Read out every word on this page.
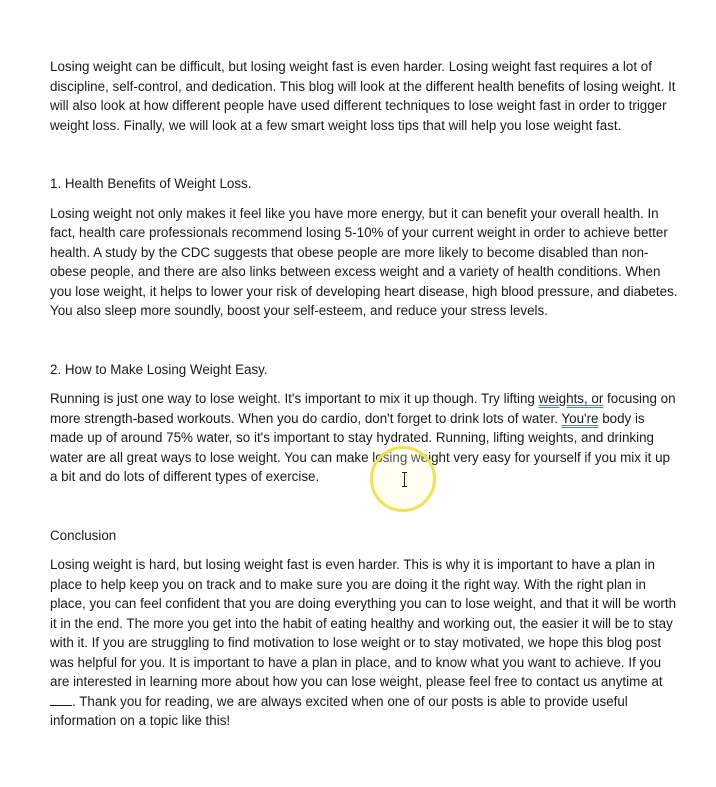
Losing weight can be difficult, but losing weight fast is even harder. Losing weight fast requires a lot of discipline, self-control, and dedication. This blog will look at the different health benefits of losing weight. It will also look at how different people have used different techniques to lose weight fast in order to trigger weight loss. Finally, we will look at a few smart weight loss tips that will help you lose weight fast.

1. Health Benefits of Weight Loss.

Losing weight not only makes it feel like you have more energy, but it can benefit your overall health. In fact, health care professionals recommend losing 5-10% of your current weight in order to achieve better health. A study by the CDC suggests that obese people are more likely to become disabled than non-obese people, and there are also links between excess weight and a variety of health conditions. When you lose weight, it helps to lower your risk of developing heart disease, high blood pressure, and diabetes. You also sleep more soundly, boost your self-esteem, and reduce your stress levels.

2. How to Make Losing Weight Easy.

Running is just one way to lose weight. It's important to mix it up though. Try lifting weights, or focusing on more strength-based workouts. When you do cardio, don't forget to drink lots of water. You're body is made up of around 75% water, so it's important to stay hydrated. Running, lifting weights, and drinking water are all great ways to lose weight. You can make losing weight very easy for yourself if you mix it up a bit and do lots of different types of exercise.

Conclusion

Losing weight is hard, but losing weight fast is even harder. This is why it is important to have a plan in place to help keep you on track and to make sure you are doing it the right way. With the right plan in place, you can feel confident that you are doing everything you can to lose weight, and that it will be worth it in the end. The more you get into the habit of eating healthy and working out, the easier it will be to stay with it. If you are struggling to find motivation to lose weight or to stay motivated, we hope this blog post was helpful for you. It is important to have a plan in place, and to know what you want to achieve. If you are interested in learning more about how you can lose weight, please feel free to contact us anytime at . Thank you for reading, we are always excited when one of our posts is able to provide useful information on a topic like this!
